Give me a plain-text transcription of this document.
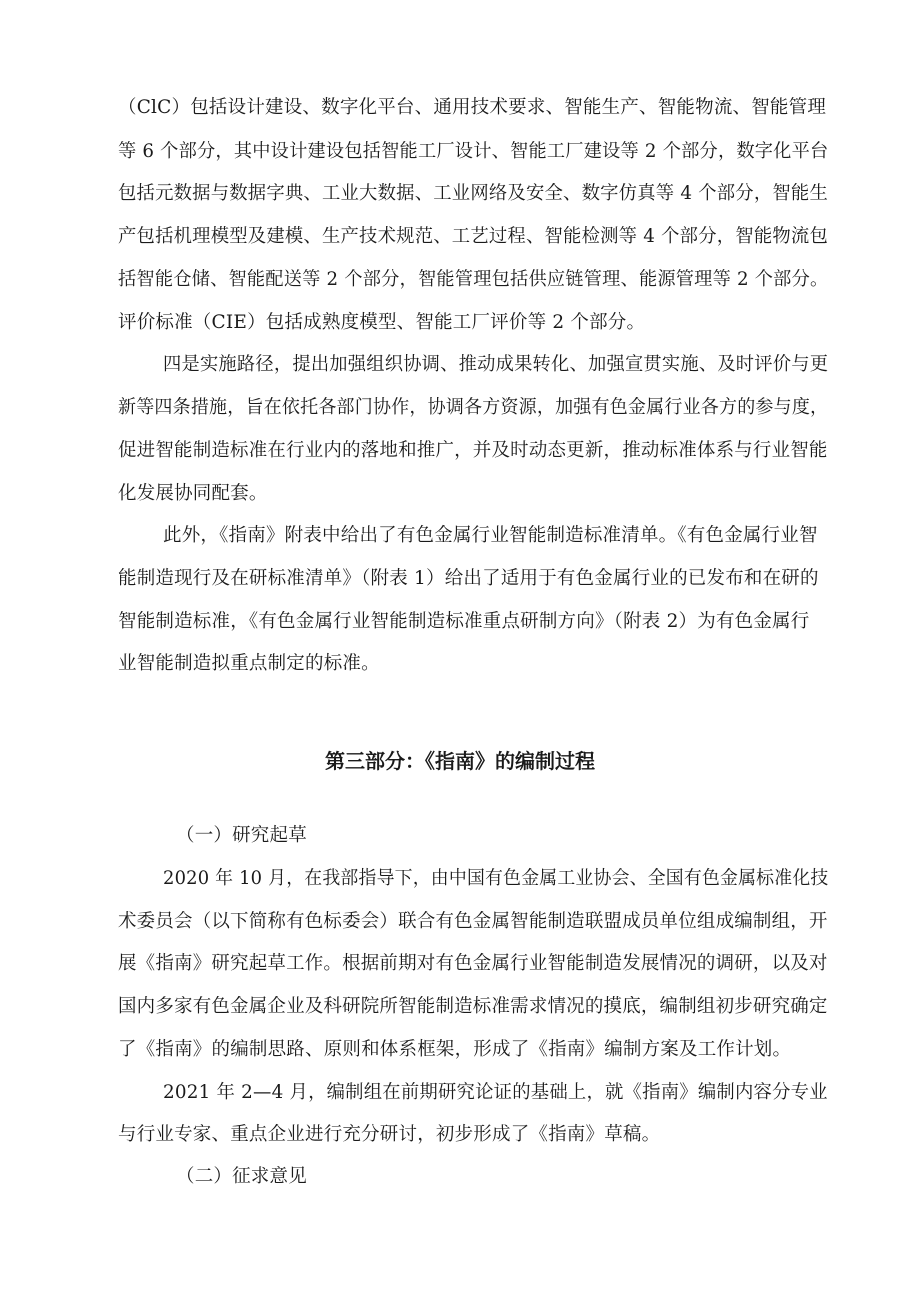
（ClC）包括设计建设、数字化平台、通用技术要求、智能生产、智能物流、智能管理
等 6 个部分，其中设计建设包括智能工厂设计、智能工厂建设等 2 个部分，数字化平台
包括元数据与数据字典、工业大数据、工业网络及安全、数字仿真等 4 个部分，智能生
产包括机理模型及建模、生产技术规范、工艺过程、智能检测等 4 个部分，智能物流包
括智能仓储、智能配送等 2 个部分，智能管理包括供应链管理、能源管理等 2 个部分。
评价标准（CIE）包括成熟度模型、智能工厂评价等 2 个部分。
四是实施路径，提出加强组织协调、推动成果转化、加强宣贯实施、及时评价与更
新等四条措施，旨在依托各部门协作，协调各方资源，加强有色金属行业各方的参与度，
促进智能制造标准在行业内的落地和推广，并及时动态更新，推动标准体系与行业智能
化发展协同配套。
此外，《指南》附表中给出了有色金属行业智能制造标准清单。《有色金属行业智
能制造现行及在研标准清单》（附表 1）给出了适用于有色金属行业的已发布和在研的
智能制造标准，《有色金属行业智能制造标准重点研制方向》（附表 2）为有色金属行
业智能制造拟重点制定的标准。
第三部分：《指南》的编制过程
（一）研究起草
2020 年 10 月，在我部指导下，由中国有色金属工业协会、全国有色金属标准化技
术委员会（以下简称有色标委会）联合有色金属智能制造联盟成员单位组成编制组，开
展《指南》研究起草工作。根据前期对有色金属行业智能制造发展情况的调研，以及对
国内多家有色金属企业及科研院所智能制造标准需求情况的摸底，编制组初步研究确定
了《指南》的编制思路、原则和体系框架，形成了《指南》编制方案及工作计划。
2021 年 2—4 月，编制组在前期研究论证的基础上，就《指南》编制内容分专业
与行业专家、重点企业进行充分研讨，初步形成了《指南》草稿。
（二）征求意见
